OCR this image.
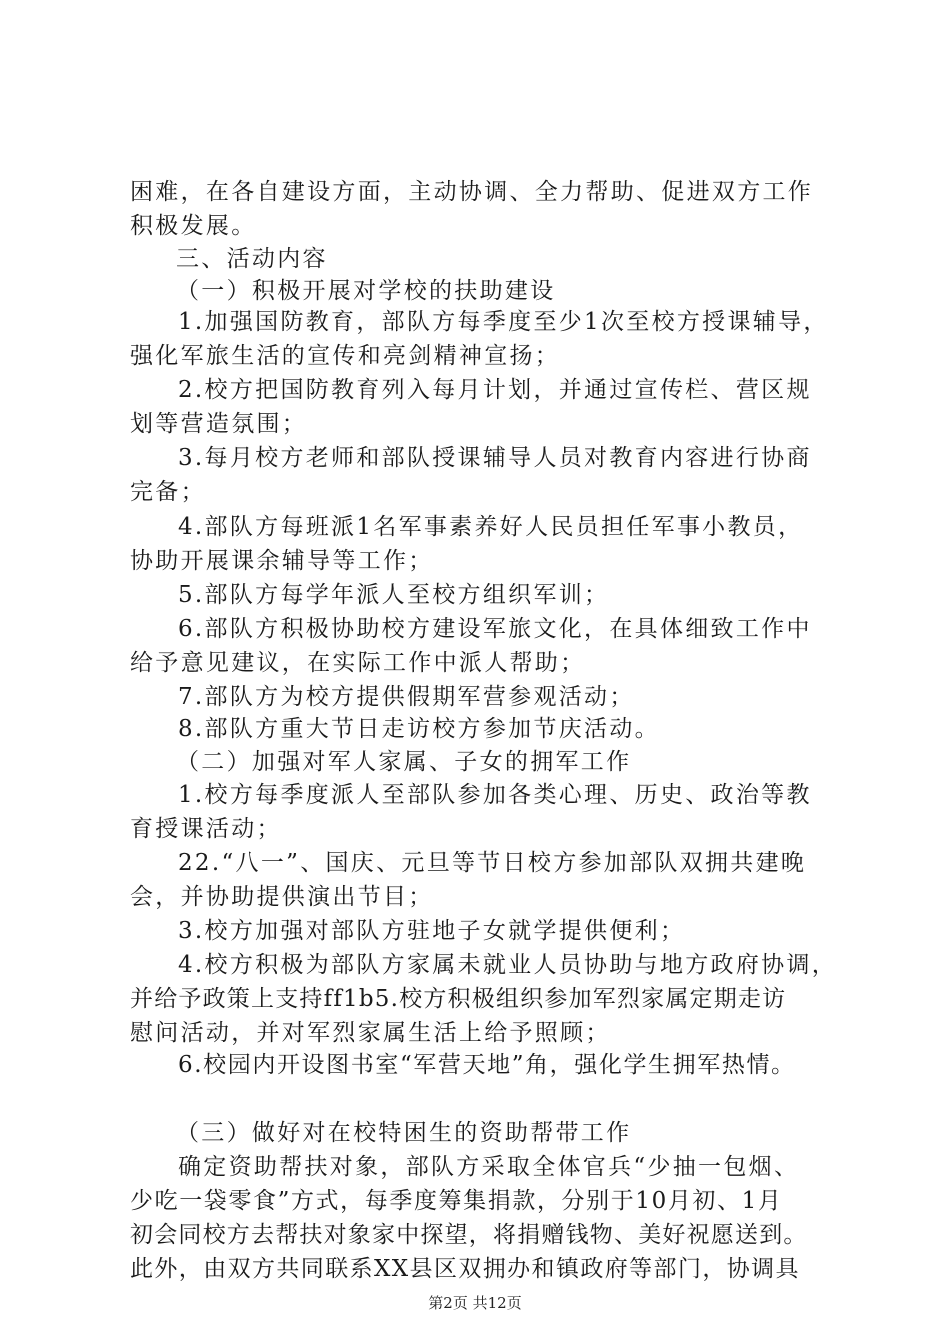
困难，在各自建设方面，主动协调、全力帮助、促进双方工作
积极发展。
三、活动内容
（一）积极开展对学校的扶助建设
1.加强国防教育，部队方每季度至少1次至校方授课辅导，
强化军旅生活的宣传和亮剑精神宣扬；
2.校方把国防教育列入每月计划，并通过宣传栏、营区规
划等营造氛围；
3.每月校方老师和部队授课辅导人员对教育内容进行协商
完备；
4.部队方每班派1名军事素养好人民员担任军事小教员，
协助开展课余辅导等工作；
5.部队方每学年派人至校方组织军训；
6.部队方积极协助校方建设军旅文化，在具体细致工作中
给予意见建议，在实际工作中派人帮助；
7.部队方为校方提供假期军营参观活动；
8.部队方重大节日走访校方参加节庆活动。
（二）加强对军人家属、子女的拥军工作
1.校方每季度派人至部队参加各类心理、历史、政治等教
育授课活动；
22.“八一”、国庆、元旦等节日校方参加部队双拥共建晚
会，并协助提供演出节目；
3.校方加强对部队方驻地子女就学提供便利；
4.校方积极为部队方家属未就业人员协助与地方政府协调，
并给予政策上支持ff1b5.校方积极组织参加军烈家属定期走访
慰问活动，并对军烈家属生活上给予照顾；
6.校园内开设图书室“军营天地”角，强化学生拥军热情。
（三）做好对在校特困生的资助帮带工作
确定资助帮扶对象，部队方采取全体官兵“少抽一包烟、
少吃一袋零食”方式，每季度筹集捐款，分别于10月初、1月
初会同校方去帮扶对象家中探望，将捐赠钱物、美好祝愿送到。
此外，由双方共同联系XX县区双拥办和镇政府等部门，协调具
第2页 共12页
